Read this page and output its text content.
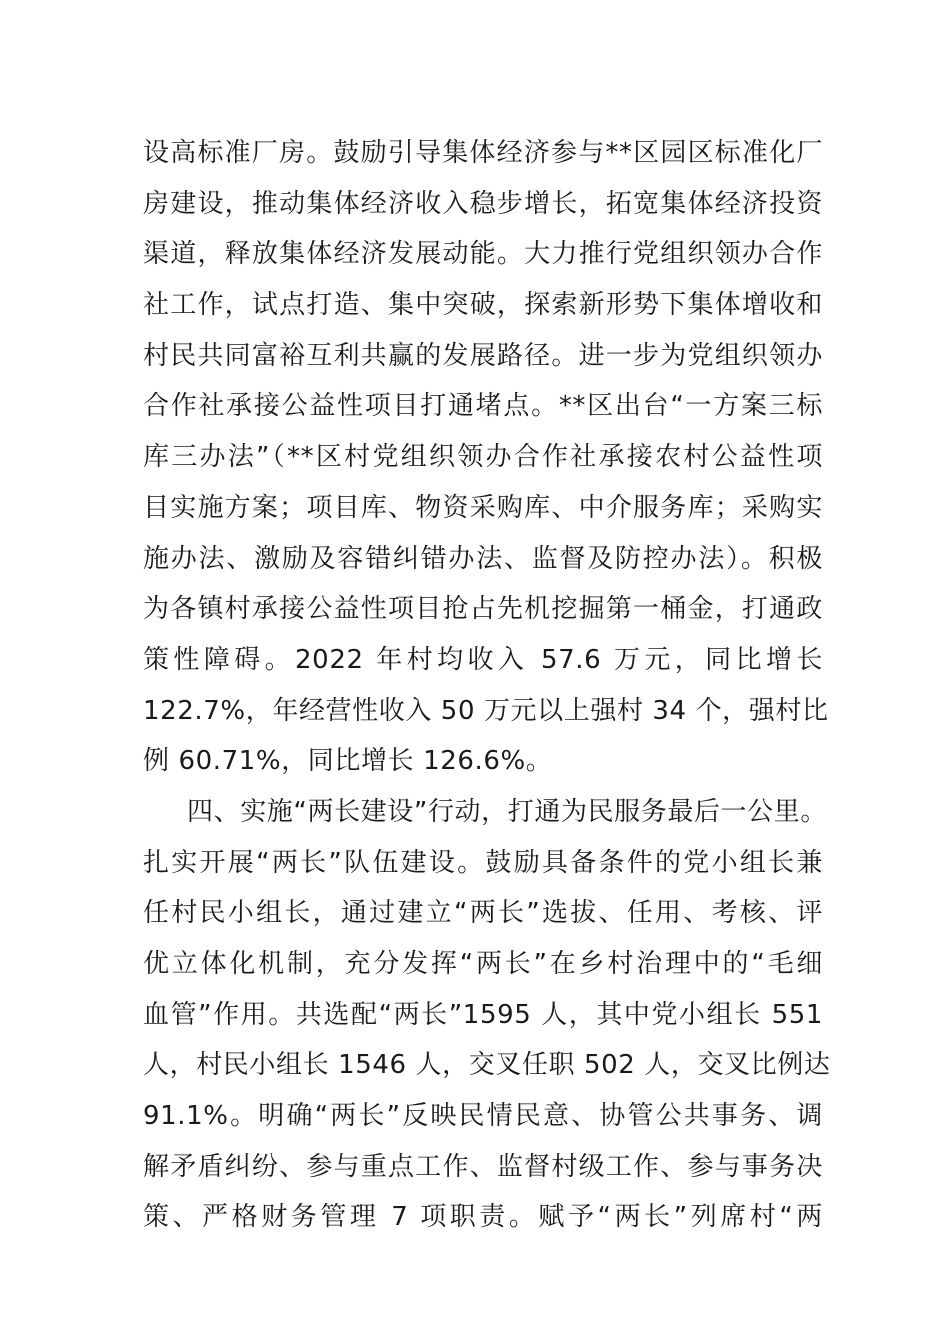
设高标准厂房。鼓励引导集体经济参与**区园区标准化厂
房建设，推动集体经济收入稳步增长，拓宽集体经济投资
渠道，释放集体经济发展动能。大力推行党组织领办合作
社工作，试点打造、集中突破，探索新形势下集体增收和
村民共同富裕互利共赢的发展路径。进一步为党组织领办
合作社承接公益性项目打通堵点。**区出台“一方案三标
库三办法”（**区村党组织领办合作社承接农村公益性项
目实施方案；项目库、物资采购库、中介服务库；采购实
施办法、激励及容错纠错办法、监督及防控办法）。积极
为各镇村承接公益性项目抢占先机挖掘第一桶金，打通政
策性障碍。2022 年村均收入 57.6 万元，同比增长
122.7%，年经营性收入 50 万元以上强村 34 个，强村比
例 60.71%，同比增长 126.6%。
四、实施“两长建设”行动，打通为民服务最后一公里。
扎实开展“两长”队伍建设。鼓励具备条件的党小组长兼
任村民小组长，通过建立“两长”选拔、任用、考核、评
优立体化机制，充分发挥“两长”在乡村治理中的“毛细
血管”作用。共选配“两长”1595 人，其中党小组长 551
人，村民小组长 1546 人，交叉任职 502 人，交叉比例达
91.1%。明确“两长”反映民情民意、协管公共事务、调
解矛盾纠纷、参与重点工作、监督村级工作、参与事务决
策、严格财务管理 7 项职责。赋予“两长”列席村“两
